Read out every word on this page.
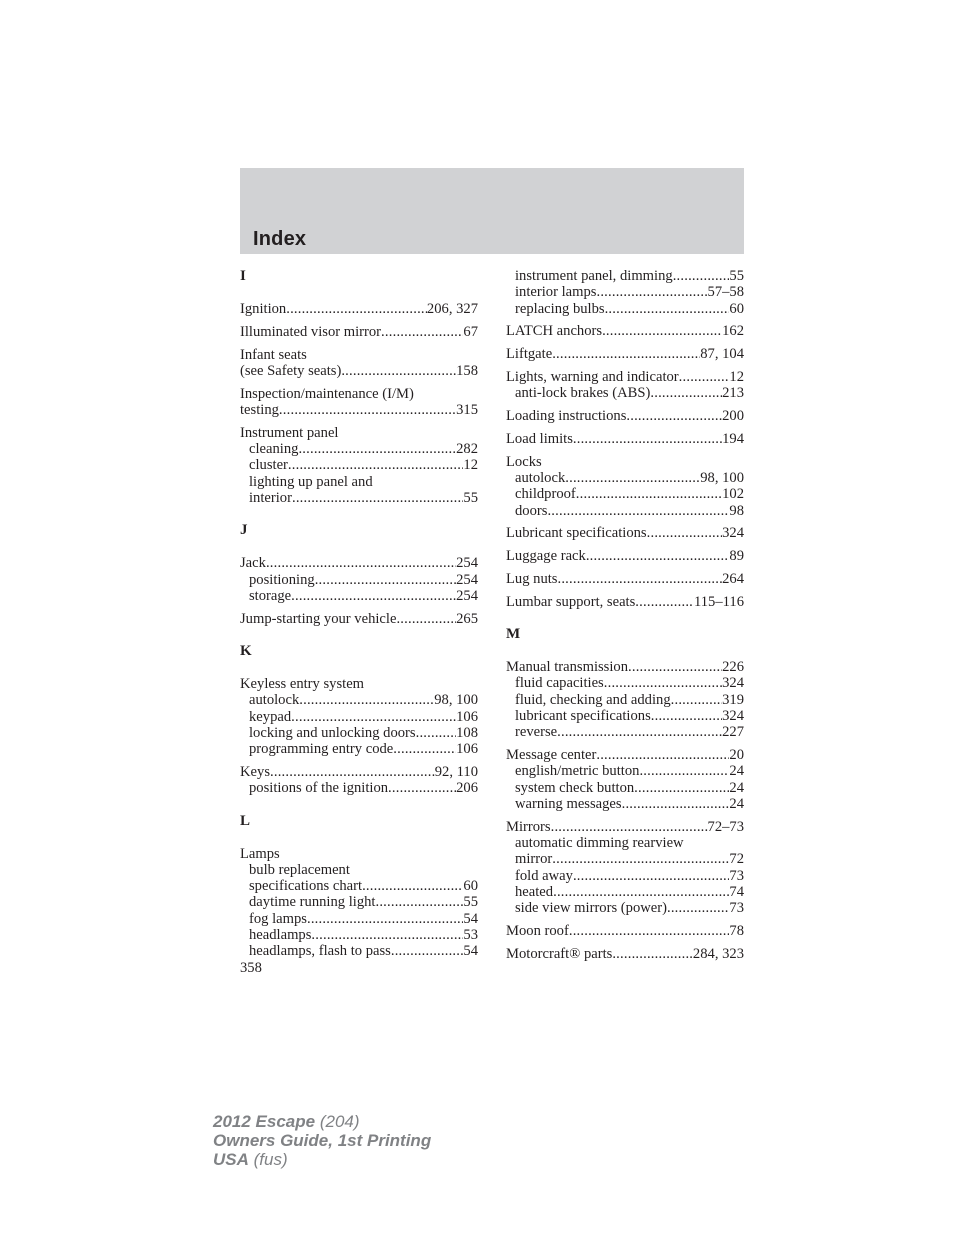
Index
I
Ignition .....	206, 327
Illuminated visor mirror .....	67
Infant seats
(see Safety seats) .....	158
Inspection/maintenance (I/M)
testing .....	315
Instrument panel
cleaning .....	282
cluster .....	12
lighting up panel and
interior .....	55
J
Jack .....	254
positioning .....	254
storage .....	254
Jump-starting your vehicle .....	265
K
Keyless entry system
autolock .....	98, 100
keypad .....	106
locking and unlocking doors .....	108
programming entry code .....	106
Keys .....	92, 110
positions of the ignition .....	206
L
Lamps
bulb replacement
specifications chart .....	60
daytime running light .....	55
fog lamps .....	54
headlamps .....	53
headlamps, flash to pass .....	54
instrument panel, dimming .....	55
interior lamps .....	57–58
replacing bulbs .....	60
LATCH anchors .....	162
Liftgate .....	87, 104
Lights, warning and indicator .....	12
anti-lock brakes (ABS) .....	213
Loading instructions .....	200
Load limits .....	194
Locks
autolock .....	98, 100
childproof .....	102
doors .....	98
Lubricant specifications .....	324
Luggage rack .....	89
Lug nuts .....	264
Lumbar support, seats .....	115–116
M
Manual transmission .....	226
fluid capacities .....	324
fluid, checking and adding .....	319
lubricant specifications .....	324
reverse .....	227
Message center .....	20
english/metric button .....	24
system check button .....	24
warning messages .....	24
Mirrors .....	72–73
automatic dimming rearview
mirror .....	72
fold away .....	73
heated .....	74
side view mirrors (power) .....	73
Moon roof .....	78
Motorcraft® parts .....	284, 323
358
2012 Escape (204)
Owners Guide, 1st Printing
USA (fus)
